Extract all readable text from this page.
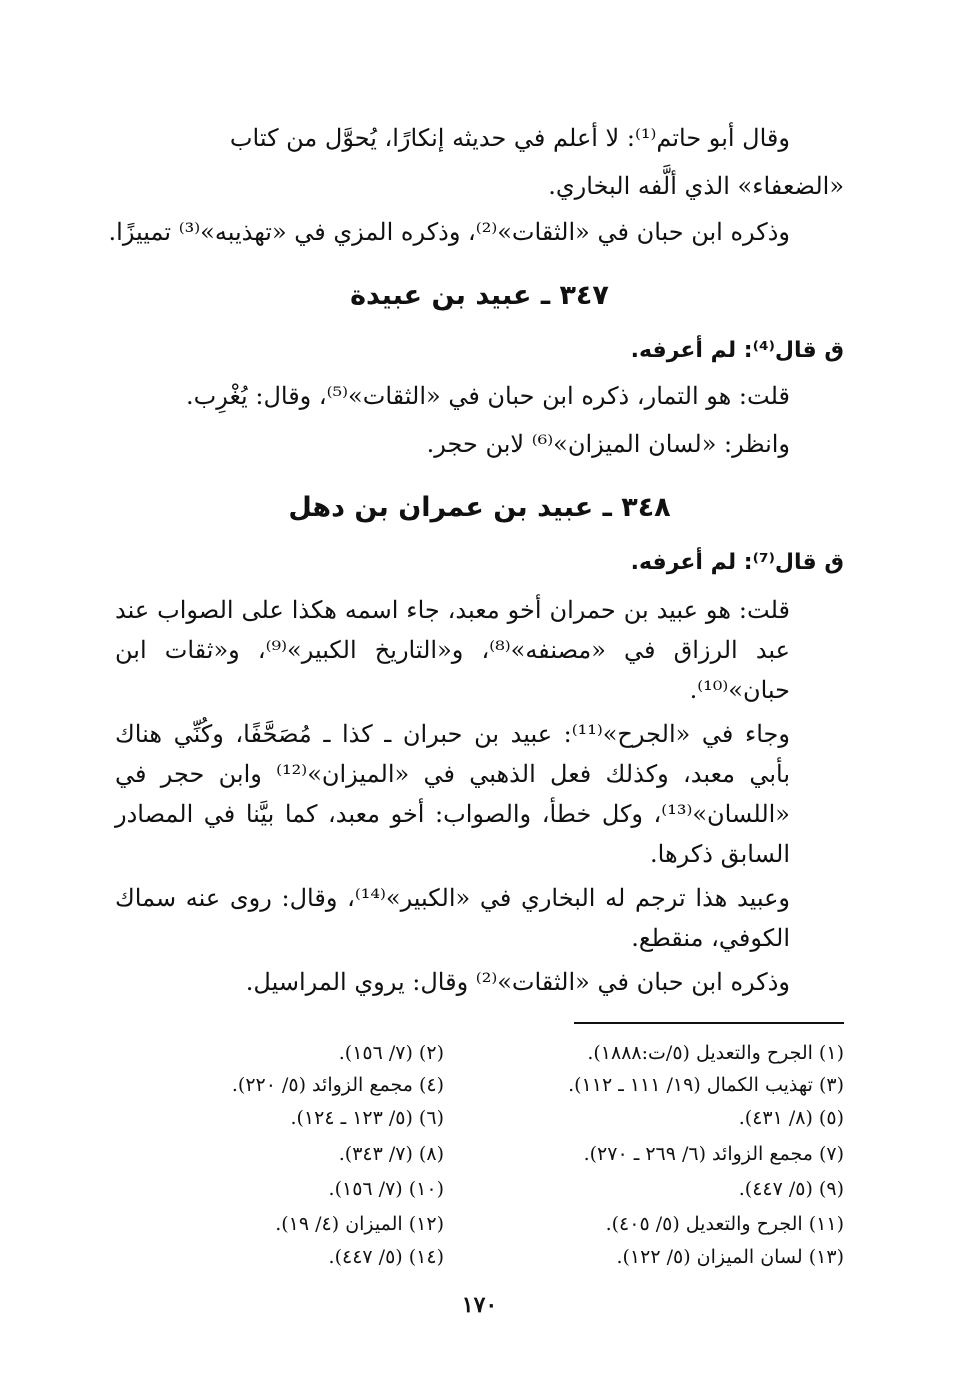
وقال أبو حاتم⁽¹⁾: لا أعلم في حديثه إنكارًا، يُحوَّل من كتاب
«الضعفاء» الذي ألَّفه البخاري.
وذكره ابن حبان في «الثقات»⁽²⁾، وذكره المزي في «تهذيبه»⁽³⁾ تمييزًا.
٣٤٧ ـ عبيد بن عبيدة
ق قال⁽⁴⁾: لم أعرفه.
قلت: هو التمار، ذكره ابن حبان في «الثقات»⁽⁵⁾، وقال: يُغْرِب.
وانظر: «لسان الميزان»⁽⁶⁾ لابن حجر.
٣٤٨ ـ عبيد بن عمران بن دهل
ق قال⁽⁷⁾: لم أعرفه.
قلت: هو عبيد بن حمران أخو معبد، جاء اسمه هكذا على الصواب عند عبد الرزاق في «مصنفه»⁽⁸⁾، و«التاريخ الكبير»⁽⁹⁾، و«ثقات ابن حبان»⁽¹⁰⁾.
وجاء في «الجرح»⁽¹¹⁾: عبيد بن حبران ـ كذا ـ مُصَحَّفًا، وكُنِّي هناك بأبي معبد، وكذلك فعل الذهبي في «الميزان»⁽¹²⁾ وابن حجر في «اللسان»⁽¹³⁾، وكل خطأ، والصواب: أخو معبد، كما بيَّنا في المصادر السابق ذكرها.
وعبيد هذا ترجم له البخاري في «الكبير»⁽¹⁴⁾، وقال: روى عنه سماك الكوفي، منقطع.
وذكره ابن حبان في «الثقات»⁽²⁾ وقال: يروي المراسيل.
(١) الجرح والتعديل (٥/ت:١٨٨٨).
(٣) تهذيب الكمال (١٩/ ١١١ ـ ١١٢).
(٥) (٨/ ٤٣١).
(٧) مجمع الزوائد (٦/ ٢٦٩ ـ ٢٧٠).
(٩) (٥/ ٤٤٧).
(١١) الجرح والتعديل (٥/ ٤٠٥).
(١٣) لسان الميزان (٥/ ١٢٢).
(٢) (٧/ ١٥٦).
(٤) مجمع الزوائد (٥/ ٢٢٠).
(٦) (٥/ ١٢٣ ـ ١٢٤).
(٨) (٧/ ٣٤٣).
(١٠) (٧/ ١٥٦).
(١٢) الميزان (٤/ ١٩).
(١٤) (٥/ ٤٤٧).
١٧٠
